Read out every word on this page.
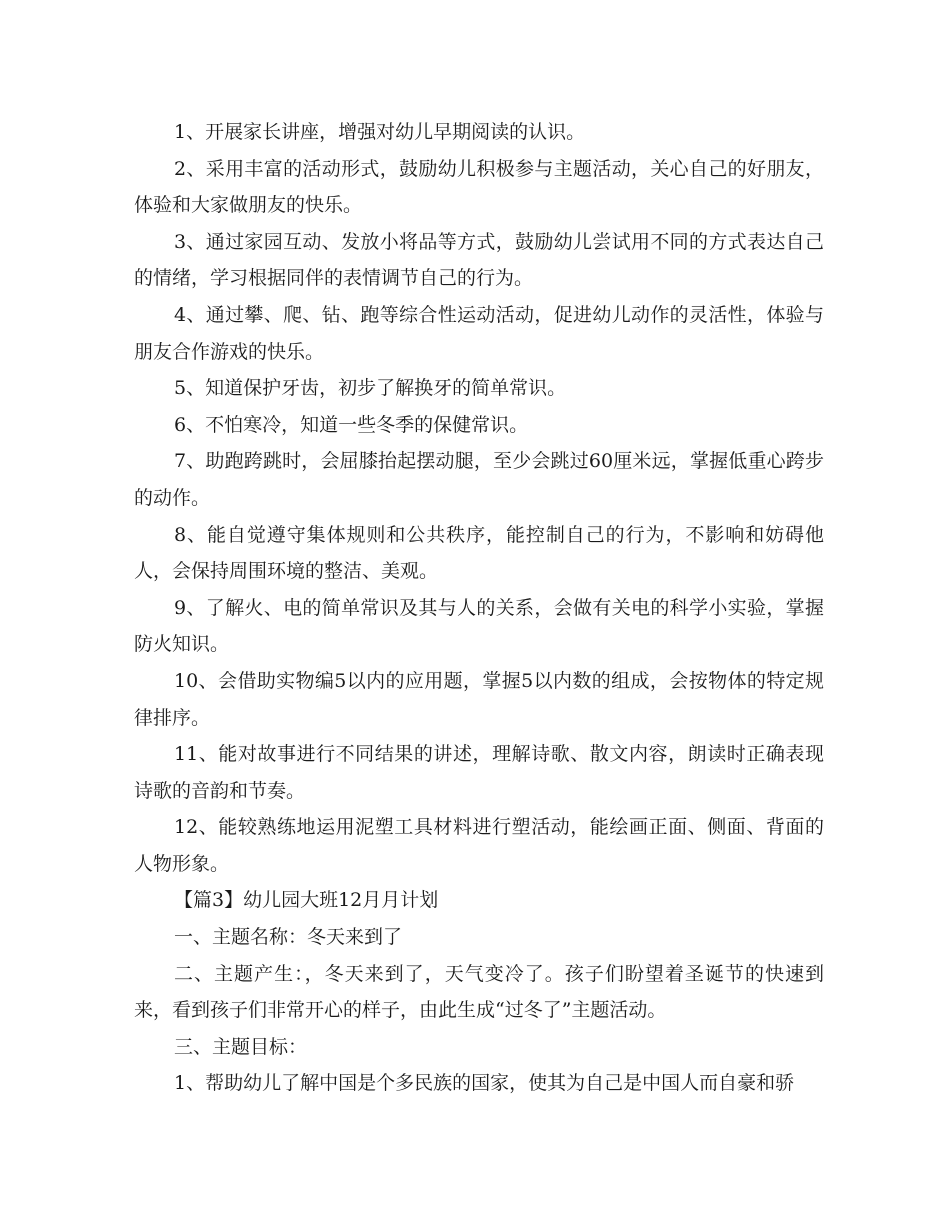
1、开展家长讲座，增强对幼儿早期阅读的认识。

2、采用丰富的活动形式，鼓励幼儿积极参与主题活动，关心自己的好朋友，体验和大家做朋友的快乐。

3、通过家园互动、发放小将品等方式，鼓励幼儿尝试用不同的方式表达自己的情绪，学习根据同伴的表情调节自己的行为。

4、通过攀、爬、钻、跑等综合性运动活动，促进幼儿动作的灵活性，体验与朋友合作游戏的快乐。

5、知道保护牙齿，初步了解换牙的简单常识。

6、不怕寒冷，知道一些冬季的保健常识。

7、助跑跨跳时，会屈膝抬起摆动腿，至少会跳过60厘米远，掌握低重心跨步的动作。

8、能自觉遵守集体规则和公共秩序，能控制自己的行为，不影响和妨碍他人，会保持周围环境的整洁、美观。

9、了解火、电的简单常识及其与人的关系，会做有关电的科学小实验，掌握防火知识。

10、会借助实物编5以内的应用题，掌握5以内数的组成，会按物体的特定规律排序。

11、能对故事进行不同结果的讲述，理解诗歌、散文内容，朗读时正确表现诗歌的音韵和节奏。

12、能较熟练地运用泥塑工具材料进行塑活动，能绘画正面、侧面、背面的人物形象。

【篇3】幼儿园大班12月月计划

一、主题名称：冬天来到了

二、主题产生：，冬天来到了，天气变冷了。孩子们盼望着圣诞节的快速到来，看到孩子们非常开心的样子，由此生成“过冬了”主题活动。

三、主题目标：

1、帮助幼儿了解中国是个多民族的国家，使其为自己是中国人而自豪和骄
